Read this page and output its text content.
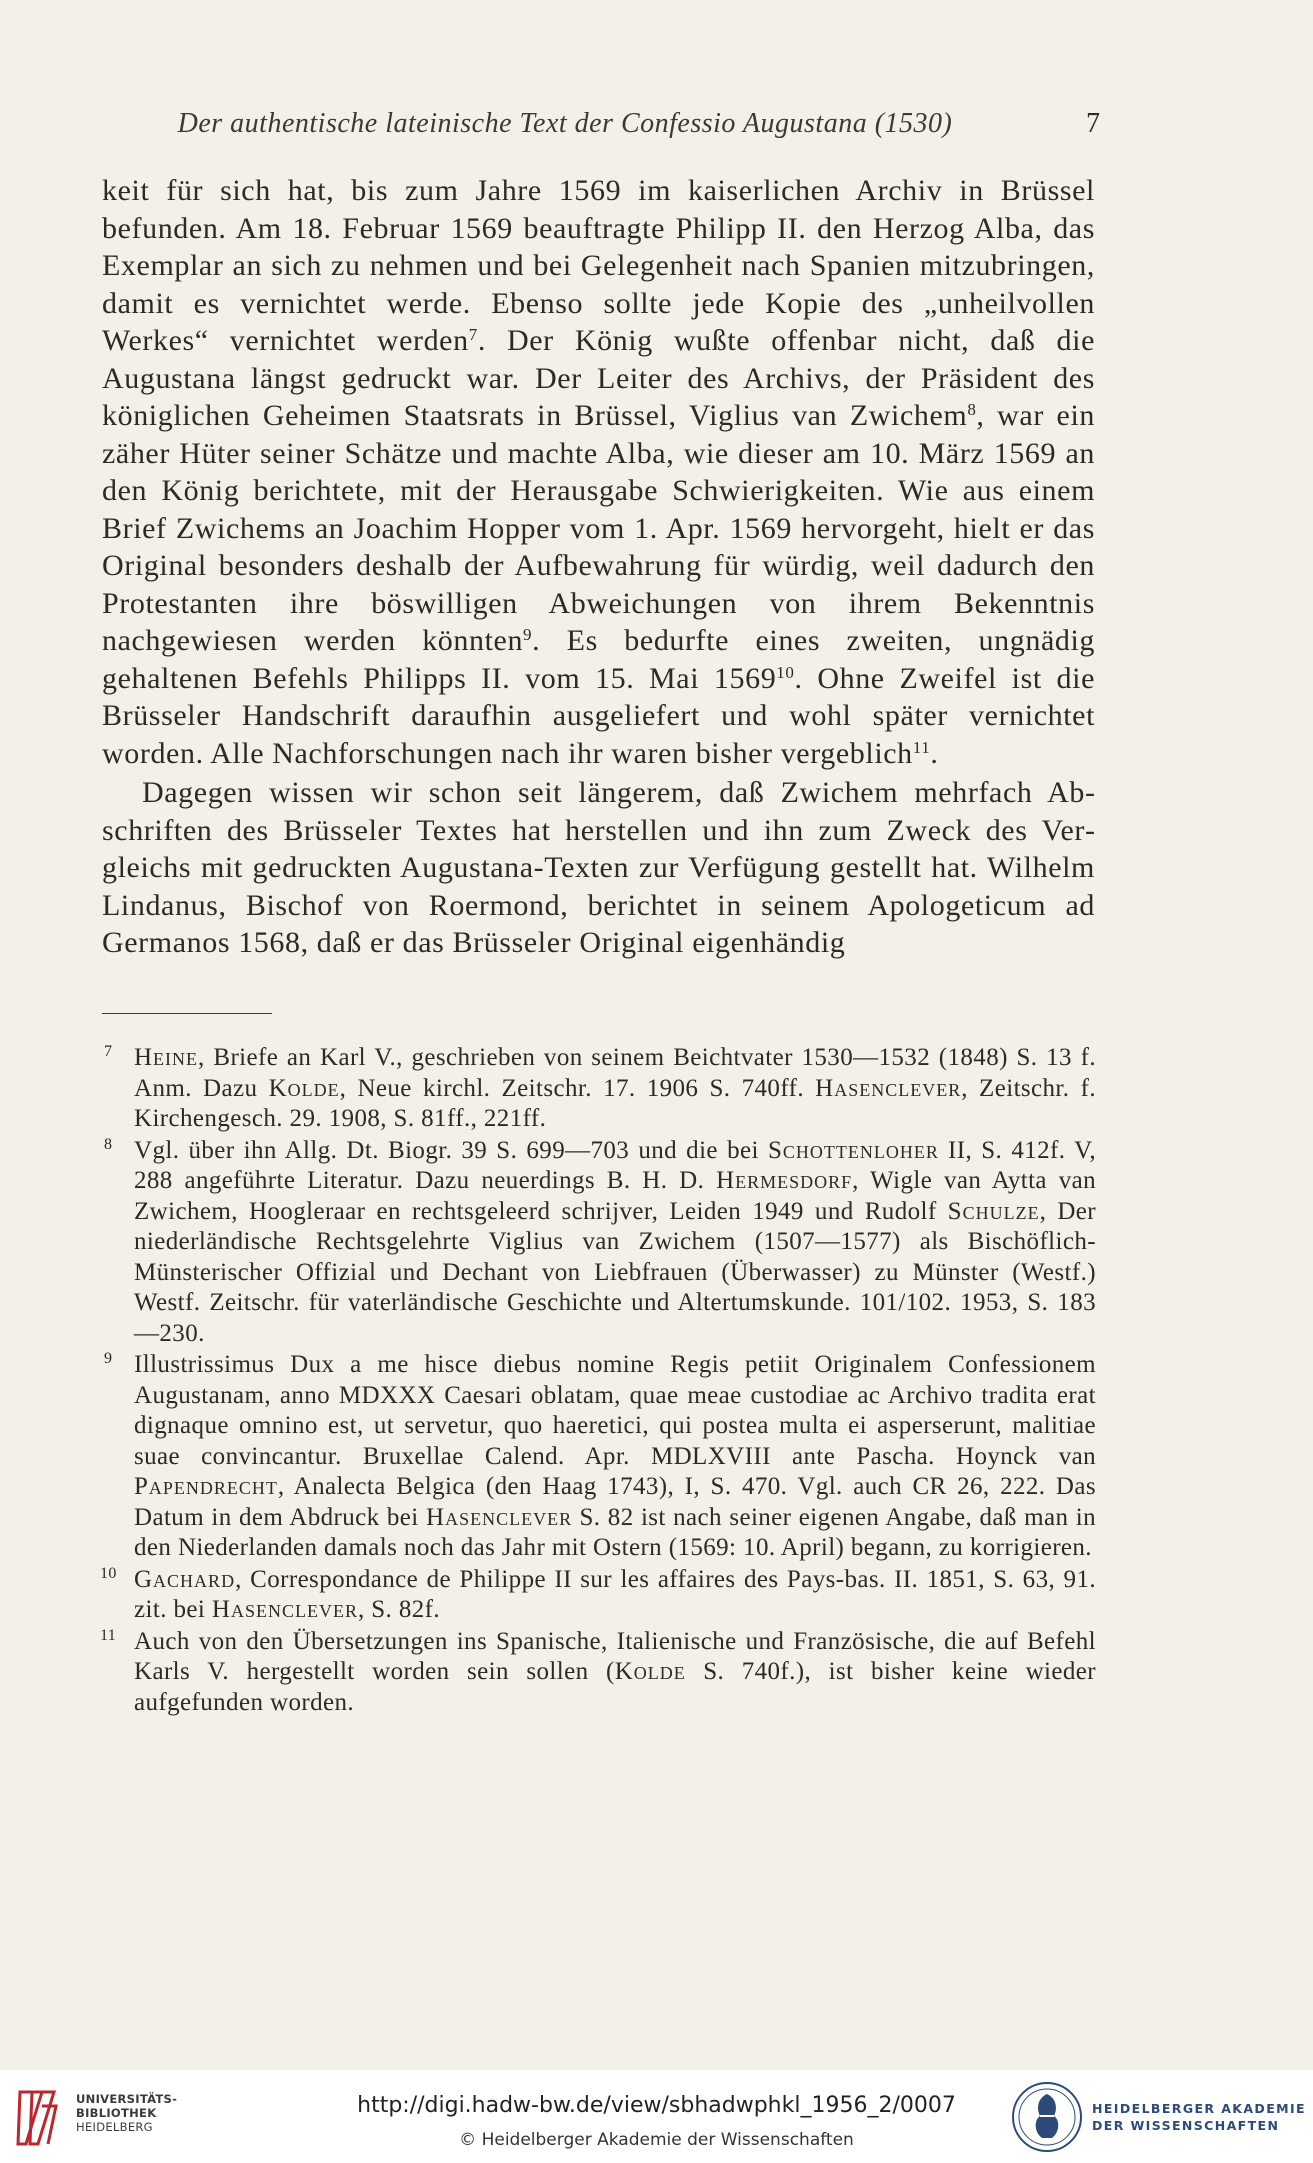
Der authentische lateinische Text der Confessio Augustana (1530)	7

keit für sich hat, bis zum Jahre 1569 im kaiserlichen Archiv in Brüssel befunden. Am 18. Februar 1569 beauftragte Philipp II. den Herzog Alba, das Exemplar an sich zu nehmen und bei Gelegenheit nach Spanien mitzubringen, damit es vernichtet werde. Ebenso sollte jede Kopie des „unheilvollen Werkes“ vernichtet werden$^7$. Der König wußte offenbar nicht, daß die Augustana längst gedruckt war. Der Leiter des Archivs, der Präsident des königlichen Geheimen Staatsrats in Brüssel, Viglius van Zwichem$^8$, war ein zäher Hüter seiner Schätze und machte Alba, wie dieser am 10. März 1569 an den König berichtete, mit der Herausgabe Schwierigkeiten. Wie aus einem Brief Zwichems an Joachim Hopper vom 1. Apr. 1569 hervorgeht, hielt er das Original besonders deshalb der Aufbewahrung für würdig, weil dadurch den Protestanten ihre böswilligen Abweichungen von ihrem Bekenntnis nachgewiesen werden könnten$^9$. Es bedurfte eines zweiten, ungnädig gehaltenen Befehls Philipps II. vom 15. Mai 1569$^{10}$. Ohne Zweifel ist die Brüsseler Handschrift daraufhin ausgeliefert und wohl später vernichtet worden. Alle Nachforschungen nach ihr waren bisher vergeblich$^{11}$.

Dagegen wissen wir schon seit längerem, daß Zwichem mehrfach Abschriften des Brüsseler Textes hat herstellen und ihn zum Zweck des Vergleichs mit gedruckten Augustana-Texten zur Verfügung gestellt hat. Wilhelm Lindanus, Bischof von Roermond, berichtet in seinem Apologeticum ad Germanos 1568, daß er das Brüsseler Original eigenhändig

7 Heine, Briefe an Karl V., geschrieben von seinem Beichtvater 1530—1532 (1848) S. 13 f. Anm. Dazu Kolde, Neue kirchl. Zeitschr. 17. 1906 S. 740ff. Hasenclever, Zeitschr. f. Kirchengesch. 29. 1908, S. 81ff., 221ff.
8 Vgl. über ihn Allg. Dt. Biogr. 39 S. 699—703 und die bei Schottenloher II, S. 412f. V, 288 angeführte Literatur. Dazu neuerdings B. H. D. Hermesdorf, Wigle van Aytta van Zwichem, Hoogleraar en rechtsgeleerd schrijver, Leiden 1949 und Rudolf Schulze, Der niederländische Rechtsgelehrte Viglius van Zwichem (1507—1577) als Bischöflich-Münsterischer Offizial und Dechant von Liebfrauen (Überwasser) zu Münster (Westf.) Westf. Zeitschr. für vaterländische Geschichte und Altertumskunde. 101/102. 1953, S. 183—230.
9 Illustrissimus Dux a me hisce diebus nomine Regis petiit Originalem Confessionem Augustanam, anno MDXXX Caesari oblatam, quae meae custodiae ac Archivo tradita erat dignaque omnino est, ut servetur, quo haeretici, qui postea multa ei asperserunt, malitiae suae convincantur. Bruxellae Calend. Apr. MDLXVIII ante Pascha. Hoynck van Papendrecht, Analecta Belgica (den Haag 1743), I, S. 470. Vgl. auch CR 26, 222. Das Datum in dem Abdruck bei Hasenclever S. 82 ist nach seiner eigenen Angabe, daß man in den Niederlanden damals noch das Jahr mit Ostern (1569: 10. April) begann, zu korrigieren.
10 Gachard, Correspondance de Philippe II sur les affaires des Pays-bas. II. 1851, S. 63, 91. zit. bei Hasenclever, S. 82f.
11 Auch von den Übersetzungen ins Spanische, Italienische und Französische, die auf Befehl Karls V. hergestellt worden sein sollen (Kolde S. 740f.), ist bisher keine wieder aufgefunden worden.
UNIVERSITÄTS-
BIBLIOTHEK
HEIDELBERG
http://digi.hadw-bw.de/view/sbhadwphkl_1956_2/0007
© Heidelberger Akademie der Wissenschaften
HEIDELBERGER AKADEMIE
DER WISSENSCHAFTEN
